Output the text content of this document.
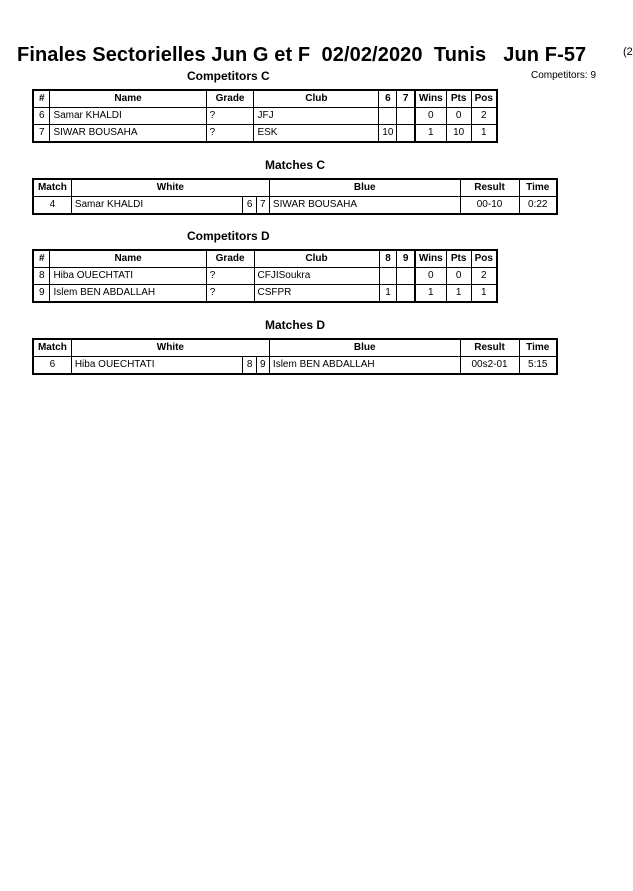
Finales Sectorielles Jun G et F  02/02/2020  Tunis   Jun F-57	(2
Competitors: 9
Competitors C
#	Name	Grade	Club	6	7	Wins	Pts	Pos
6	Samar KHALDI	?	JFJ			0	0	2
7	SIWAR BOUSAHA	?	ESK	10		1	10	1
Matches C
Match	White			Blue	Result	Time
4	Samar KHALDI	6	7	SIWAR BOUSAHA	00-10	0:22
Competitors D
#	Name	Grade	Club	8	9	Wins	Pts	Pos
8	Hiba OUECHTATI	?	CFJISoukra			0	0	2
9	Islem BEN ABDALLAH	?	CSFPR	1		1	1	1
Matches D
Match	White			Blue	Result	Time
6	Hiba OUECHTATI	8	9	Islem BEN ABDALLAH	00s2-01	5:15
